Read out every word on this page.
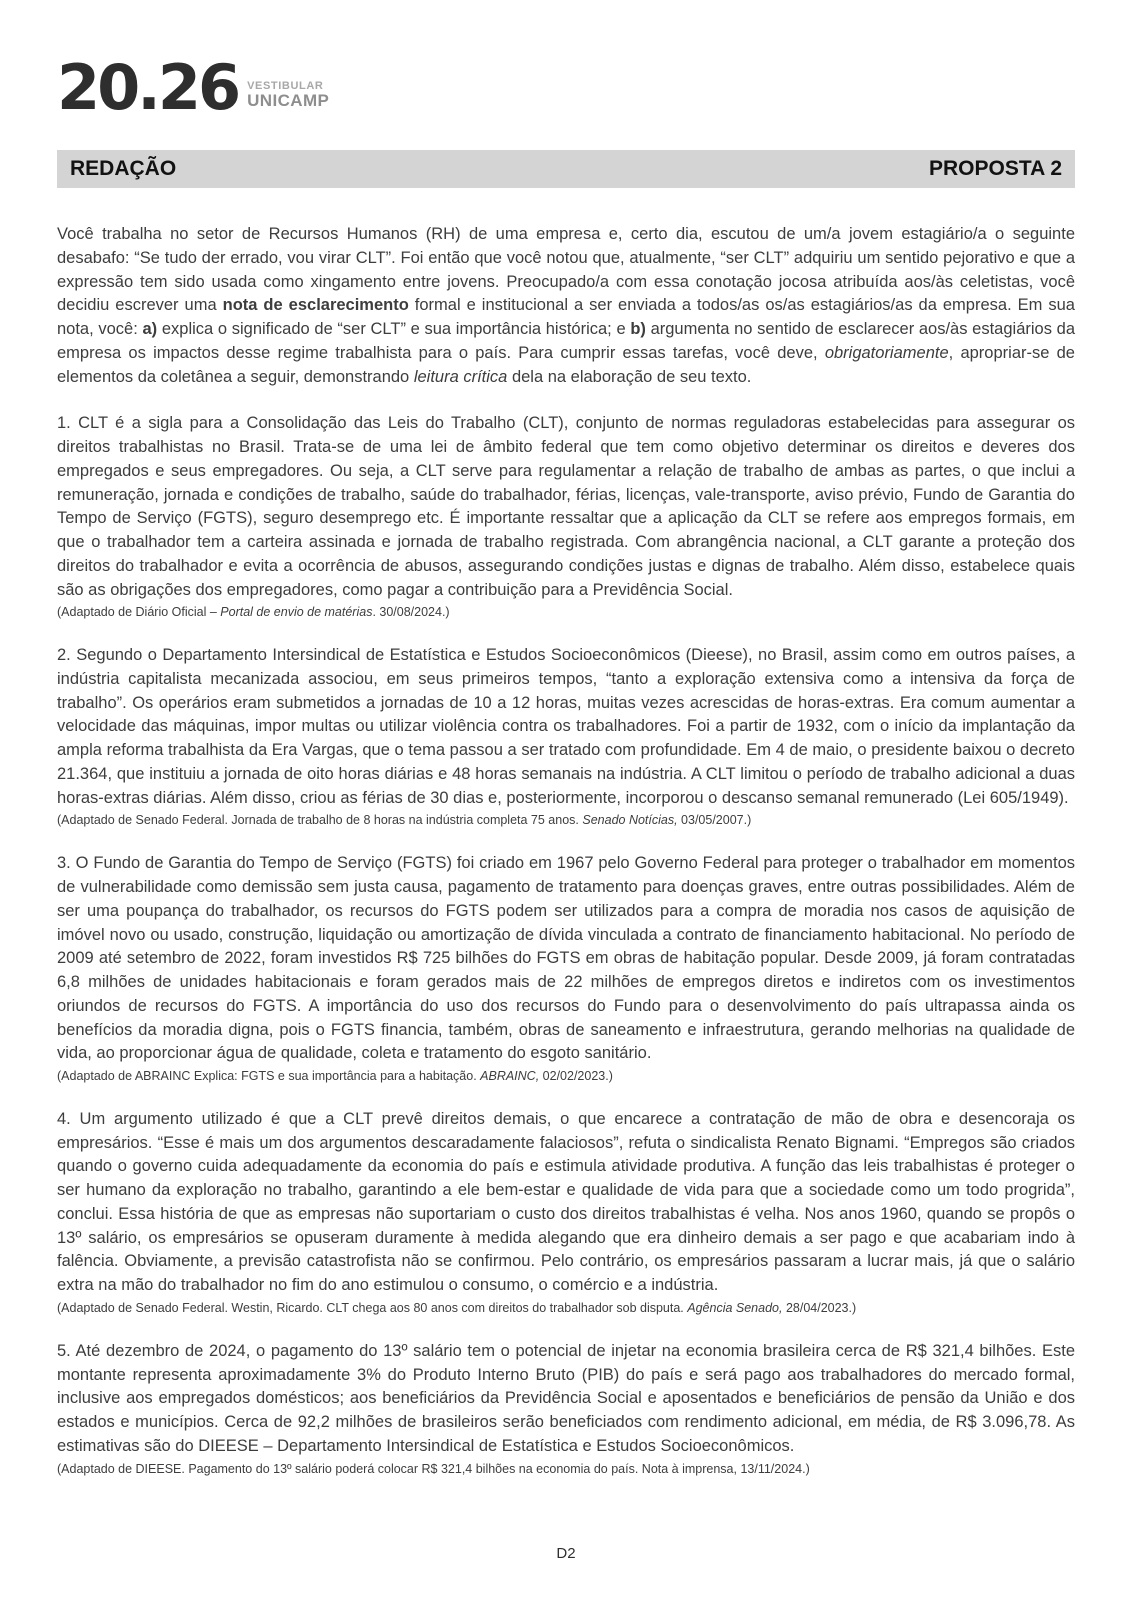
20.26 VESTIBULAR
UNICAMP
REDAÇÃO	PROPOSTA 2

Você trabalha no setor de Recursos Humanos (RH) de uma empresa e, certo dia, escutou de um/a jovem estagiário/a o seguinte desabafo: “Se tudo der errado, vou virar CLT”. Foi então que você notou que, atualmente, “ser CLT” adquiriu um sentido pejorativo e que a expressão tem sido usada como xingamento entre jovens. Preocupado/a com essa conotação jocosa atribuída aos/às celetistas, você decidiu escrever uma nota de esclarecimento formal e institucional a ser enviada a todos/as os/as estagiários/as da empresa. Em sua nota, você: a) explica o significado de “ser CLT” e sua importância histórica; e b) argumenta no sentido de esclarecer aos/às estagiários da empresa os impactos desse regime trabalhista para o país. Para cumprir essas tarefas, você deve, obrigatoriamente, apropriar-se de elementos da coletânea a seguir, demonstrando leitura crítica dela na elaboração de seu texto.

1. CLT é a sigla para a Consolidação das Leis do Trabalho (CLT), conjunto de normas reguladoras estabelecidas para assegurar os direitos trabalhistas no Brasil. Trata-se de uma lei de âmbito federal que tem como objetivo determinar os direitos e deveres dos empregados e seus empregadores. Ou seja, a CLT serve para regulamentar a relação de trabalho de ambas as partes, o que inclui a remuneração, jornada e condições de trabalho, saúde do trabalhador, férias, licenças, vale-transporte, aviso prévio, Fundo de Garantia do Tempo de Serviço (FGTS), seguro desemprego etc. É importante ressaltar que a aplicação da CLT se refere aos empregos formais, em que o trabalhador tem a carteira assinada e jornada de trabalho registrada. Com abrangência nacional, a CLT garante a proteção dos direitos do trabalhador e evita a ocorrência de abusos, assegurando condições justas e dignas de trabalho. Além disso, estabelece quais são as obrigações dos empregadores, como pagar a contribuição para a Previdência Social.

(Adaptado de Diário Oficial – Portal de envio de matérias. 30/08/2024.)

2. Segundo o Departamento Intersindical de Estatística e Estudos Socioeconômicos (Dieese), no Brasil, assim como em outros países, a indústria capitalista mecanizada associou, em seus primeiros tempos, “tanto a exploração extensiva como a intensiva da força de trabalho”. Os operários eram submetidos a jornadas de 10 a 12 horas, muitas vezes acrescidas de horas-extras. Era comum aumentar a velocidade das máquinas, impor multas ou utilizar violência contra os trabalhadores. Foi a partir de 1932, com o início da implantação da ampla reforma trabalhista da Era Vargas, que o tema passou a ser tratado com profundidade. Em 4 de maio, o presidente baixou o decreto 21.364, que instituiu a jornada de oito horas diárias e 48 horas semanais na indústria. A CLT limitou o período de trabalho adicional a duas horas-extras diárias. Além disso, criou as férias de 30 dias e, posteriormente, incorporou o descanso semanal remunerado (Lei 605/1949).

(Adaptado de Senado Federal. Jornada de trabalho de 8 horas na indústria completa 75 anos. Senado Notícias, 03/05/2007.)

3. O Fundo de Garantia do Tempo de Serviço (FGTS) foi criado em 1967 pelo Governo Federal para proteger o trabalhador em momentos de vulnerabilidade como demissão sem justa causa, pagamento de tratamento para doenças graves, entre outras possibilidades. Além de ser uma poupança do trabalhador, os recursos do FGTS podem ser utilizados para a compra de moradia nos casos de aquisição de imóvel novo ou usado, construção, liquidação ou amortização de dívida vinculada a contrato de financiamento habitacional. No período de 2009 até setembro de 2022, foram investidos R$ 725 bilhões do FGTS em obras de habitação popular. Desde 2009, já foram contratadas 6,8 milhões de unidades habitacionais e foram gerados mais de 22 milhões de empregos diretos e indiretos com os investimentos oriundos de recursos do FGTS. A importância do uso dos recursos do Fundo para o desenvolvimento do país ultrapassa ainda os benefícios da moradia digna, pois o FGTS financia, também, obras de saneamento e infraestrutura, gerando melhorias na qualidade de vida, ao proporcionar água de qualidade, coleta e tratamento do esgoto sanitário.

(Adaptado de ABRAINC Explica: FGTS e sua importância para a habitação. ABRAINC, 02/02/2023.)

4. Um argumento utilizado é que a CLT prevê direitos demais, o que encarece a contratação de mão de obra e desencoraja os empresários. “Esse é mais um dos argumentos descaradamente falaciosos”, refuta o sindicalista Renato Bignami. “Empregos são criados quando o governo cuida adequadamente da economia do país e estimula atividade produtiva. A função das leis trabalhistas é proteger o ser humano da exploração no trabalho, garantindo a ele bem-estar e qualidade de vida para que a sociedade como um todo progrida”, conclui. Essa história de que as empresas não suportariam o custo dos direitos trabalhistas é velha. Nos anos 1960, quando se propôs o 13º salário, os empresários se opuseram duramente à medida alegando que era dinheiro demais a ser pago e que acabariam indo à falência. Obviamente, a previsão catastrofista não se confirmou. Pelo contrário, os empresários passaram a lucrar mais, já que o salário extra na mão do trabalhador no fim do ano estimulou o consumo, o comércio e a indústria.

(Adaptado de Senado Federal. Westin, Ricardo. CLT chega aos 80 anos com direitos do trabalhador sob disputa. Agência Senado, 28/04/2023.)

5. Até dezembro de 2024, o pagamento do 13º salário tem o potencial de injetar na economia brasileira cerca de R$ 321,4 bilhões. Este montante representa aproximadamente 3% do Produto Interno Bruto (PIB) do país e será pago aos trabalhadores do mercado formal, inclusive aos empregados domésticos; aos beneficiários da Previdência Social e aposentados e beneficiários de pensão da União e dos estados e municípios. Cerca de 92,2 milhões de brasileiros serão beneficiados com rendimento adicional, em média, de R$ 3.096,78. As estimativas são do DIEESE – Departamento Intersindical de Estatística e Estudos Socioeconômicos.

(Adaptado de DIEESE. Pagamento do 13º salário poderá colocar R$ 321,4 bilhões na economia do país. Nota à imprensa, 13/11/2024.)

D2
